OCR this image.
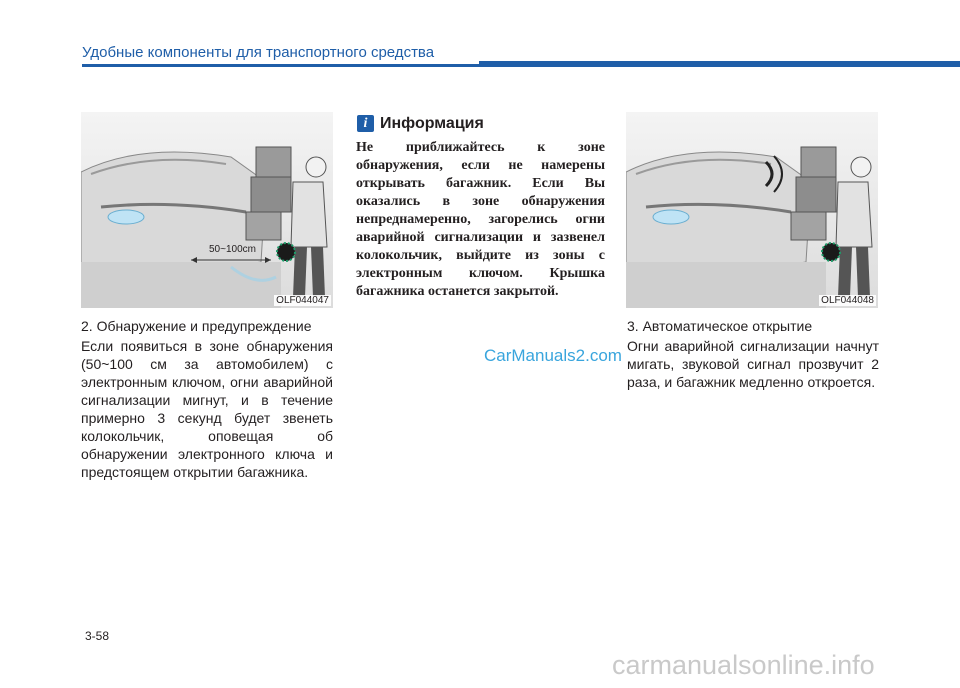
Удобные компоненты для транспортного средства
50~100cm
OLF044047
2. Обнаружение и предупреждение
Если появиться в зоне обнаружения (50~100 см за автомобилем) с электронным ключом, огни аварийной сигнализации мигнут, и в течение примерно 3 секунд будет звенеть колокольчик, оповещая об обнаружении электронного ключа и предстоящем открытии багажника.
i Информация
Не приближайтесь к зоне обнаружения, если не намерены открывать багажник. Если Вы оказались в зоне обнаружения непреднамеренно, загорелись огни аварийной сигнализации и зазвенел колокольчик, выйдите из зоны с электронным ключом. Крышка багажника останется закрытой.
CarManuals2.com
OLF044048
3. Автоматическое открытие
Огни аварийной сигнализации начнут мигать, звуковой сигнал прозвучит 2 раза, и багажник медленно откроется.
3-58
carmanualsonline.info
